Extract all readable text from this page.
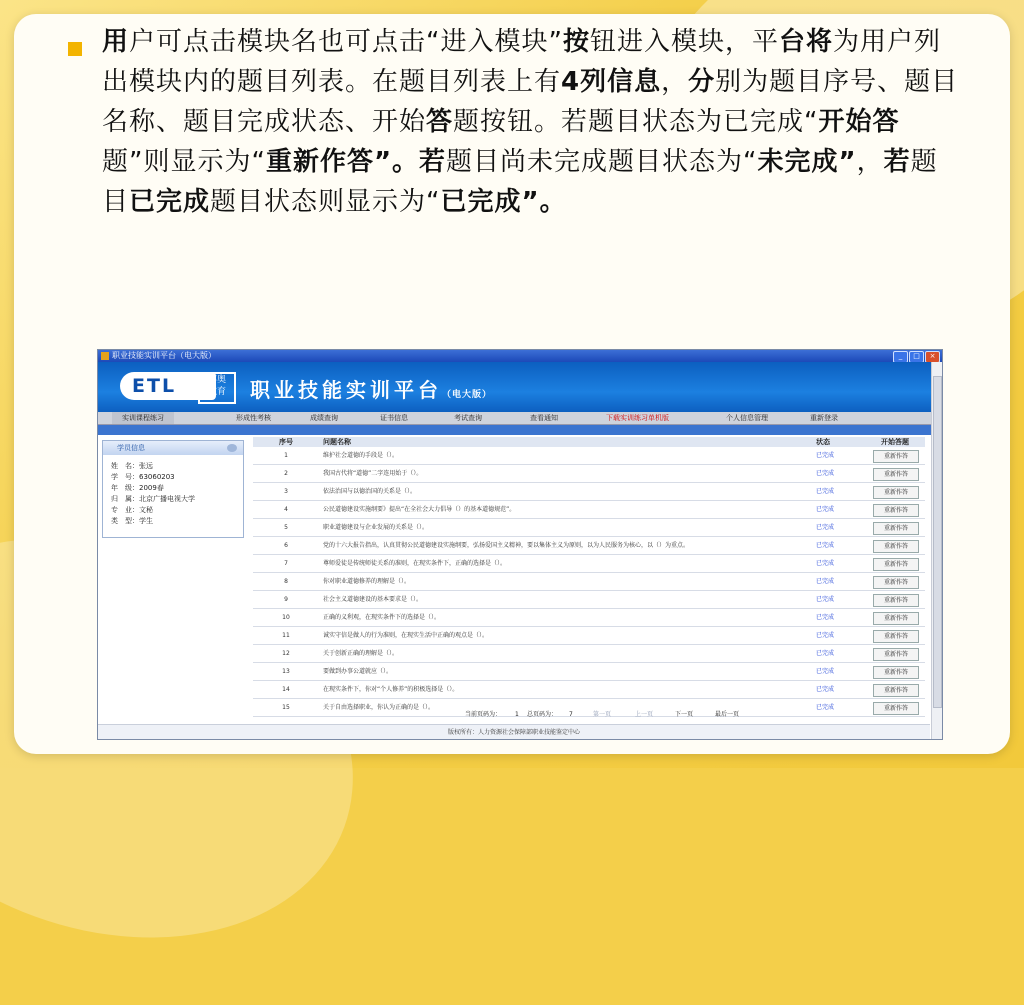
用户可点击模块名也可点击“进入模块”按钮进入模块，平台将为用户列出模块内的题目列表。在题目列表上有4列信息，分别为题目序号、题目名称、题目完成状态、开始答题按钮。若题目状态为已完成“开始答题”则显示为“重新作答”。若题目尚未完成题目状态为“未完成”，若题目已完成题目状态则显示为“已完成”。
职业技能实训平台（电大版）	_	□	×
ETL	博奥
教育	职业技能实训平台（电大版）
实训课程练习	形成性考核	成绩查询	证书信息	考试查询	查看通知	下载实训练习单机版	个人信息管理	重新登录
学员信息
姓　名：张远
学　号：63060203
年　级：2009春
归　属：北京广播电视大学
专　业：文秘
类　型：学生
序号	问题名称	状态	开始答题
1	维护社会道德的手段是（）。	已完成	重新作答
2	我国古代将“道德”二字连用始于（）。	已完成	重新作答
3	依法治国与以德治国的关系是（）。	已完成	重新作答
4	公民道德建设实施纲要》提出“在全社会大力倡导（）的基本道德规范”。	已完成	重新作答
5	职业道德建设与企业发展的关系是（）。	已完成	重新作答
6	党的十六大报告指出，认真贯彻公民道德建设实施纲要，弘扬爱国主义精神，要以集体主义为原则，以为人民服务为核心，以（）为重点。	已完成	重新作答
7	尊师爱徒是传统师徒关系的准则，在现实条件下，正确的选择是（）。	已完成	重新作答
8	你对职业道德修养的理解是（）。	已完成	重新作答
9	社会主义道德建设的基本要求是（）。	已完成	重新作答
10	正确的义利观，在现实条件下的选择是（）。	已完成	重新作答
11	诚实守信是做人的行为准则，在现实生活中正确的观点是（）。	已完成	重新作答
12	关于创新正确的理解是（）。	已完成	重新作答
13	要做到办事公道就应（）。	已完成	重新作答
14	在现实条件下，你对“个人修养”的积极选择是（）。	已完成	重新作答
15	关于自由选择职业，你认为正确的是（）。	已完成	重新作答
当前页码为： 1 总页码为： 7	第一页	上一页	下一页	最后一页
版权所有：人力资源社会保障部职业技能鉴定中心
